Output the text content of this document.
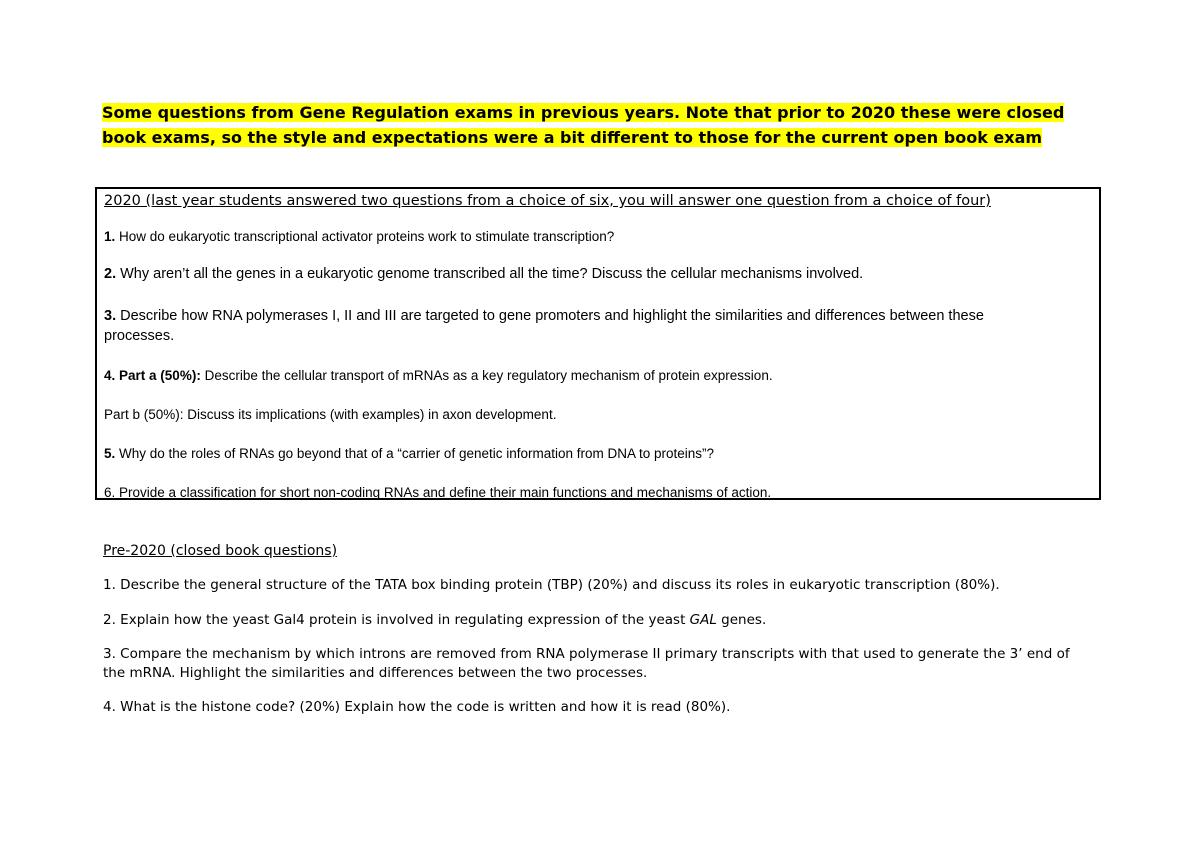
Some questions from Gene Regulation exams in previous years. Note that prior to 2020 these were closed book exams, so the style and expectations were a bit different to those for the current open book exam

2020 (last year students answered two questions from a choice of six, you will answer one question from a choice of four)

1. How do eukaryotic transcriptional activator proteins work to stimulate transcription?

2. Why aren’t all the genes in a eukaryotic genome transcribed all the time? Discuss the cellular mechanisms involved.

3. Describe how RNA polymerases I, II and III are targeted to gene promoters and highlight the similarities and differences between these processes.

4. Part a (50%): Describe the cellular transport of mRNAs as a key regulatory mechanism of protein expression.

Part b (50%): Discuss its implications (with examples) in axon development.

5. Why do the roles of RNAs go beyond that of a “carrier of genetic information from DNA to proteins”?

6. Provide a classification for short non-coding RNAs and define their main functions and mechanisms of action.

Pre-2020 (closed book questions)

1. Describe the general structure of the TATA box binding protein (TBP) (20%) and discuss its roles in eukaryotic transcription (80%).

2. Explain how the yeast Gal4 protein is involved in regulating expression of the yeast GAL genes.

3. Compare the mechanism by which introns are removed from RNA polymerase II primary transcripts with that used to generate the 3’ end of the mRNA. Highlight the similarities and differences between the two processes.

4. What is the histone code? (20%) Explain how the code is written and how it is read (80%).
